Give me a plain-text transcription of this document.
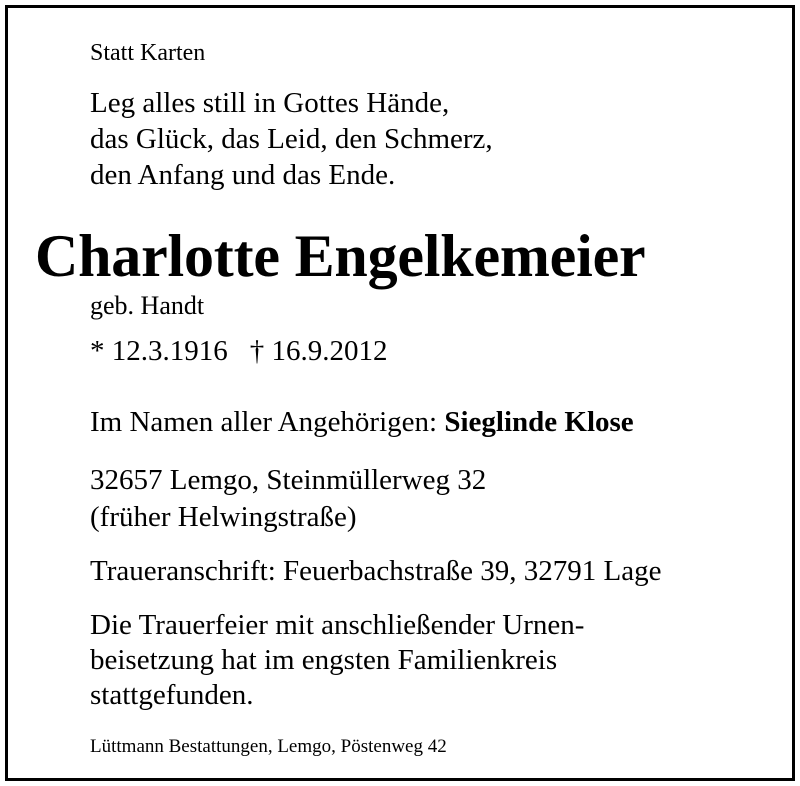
Statt Karten
Leg alles still in Gottes Hände,
das Glück, das Leid, den Schmerz,
den Anfang und das Ende.
Charlotte Engelkemeier
geb. Handt
* 12.3.1916 † 16.9.2012
Im Namen aller Angehörigen: Sieglinde Klose
32657 Lemgo, Steinmüllerweg 32
(früher Helwingstraße)
Traueranschrift: Feuerbachstraße 39, 32791 Lage
Die Trauerfeier mit anschließender Urnen-
beisetzung hat im engsten Familienkreis
stattgefunden.
Lüttmann Bestattungen, Lemgo, Pöstenweg 42
